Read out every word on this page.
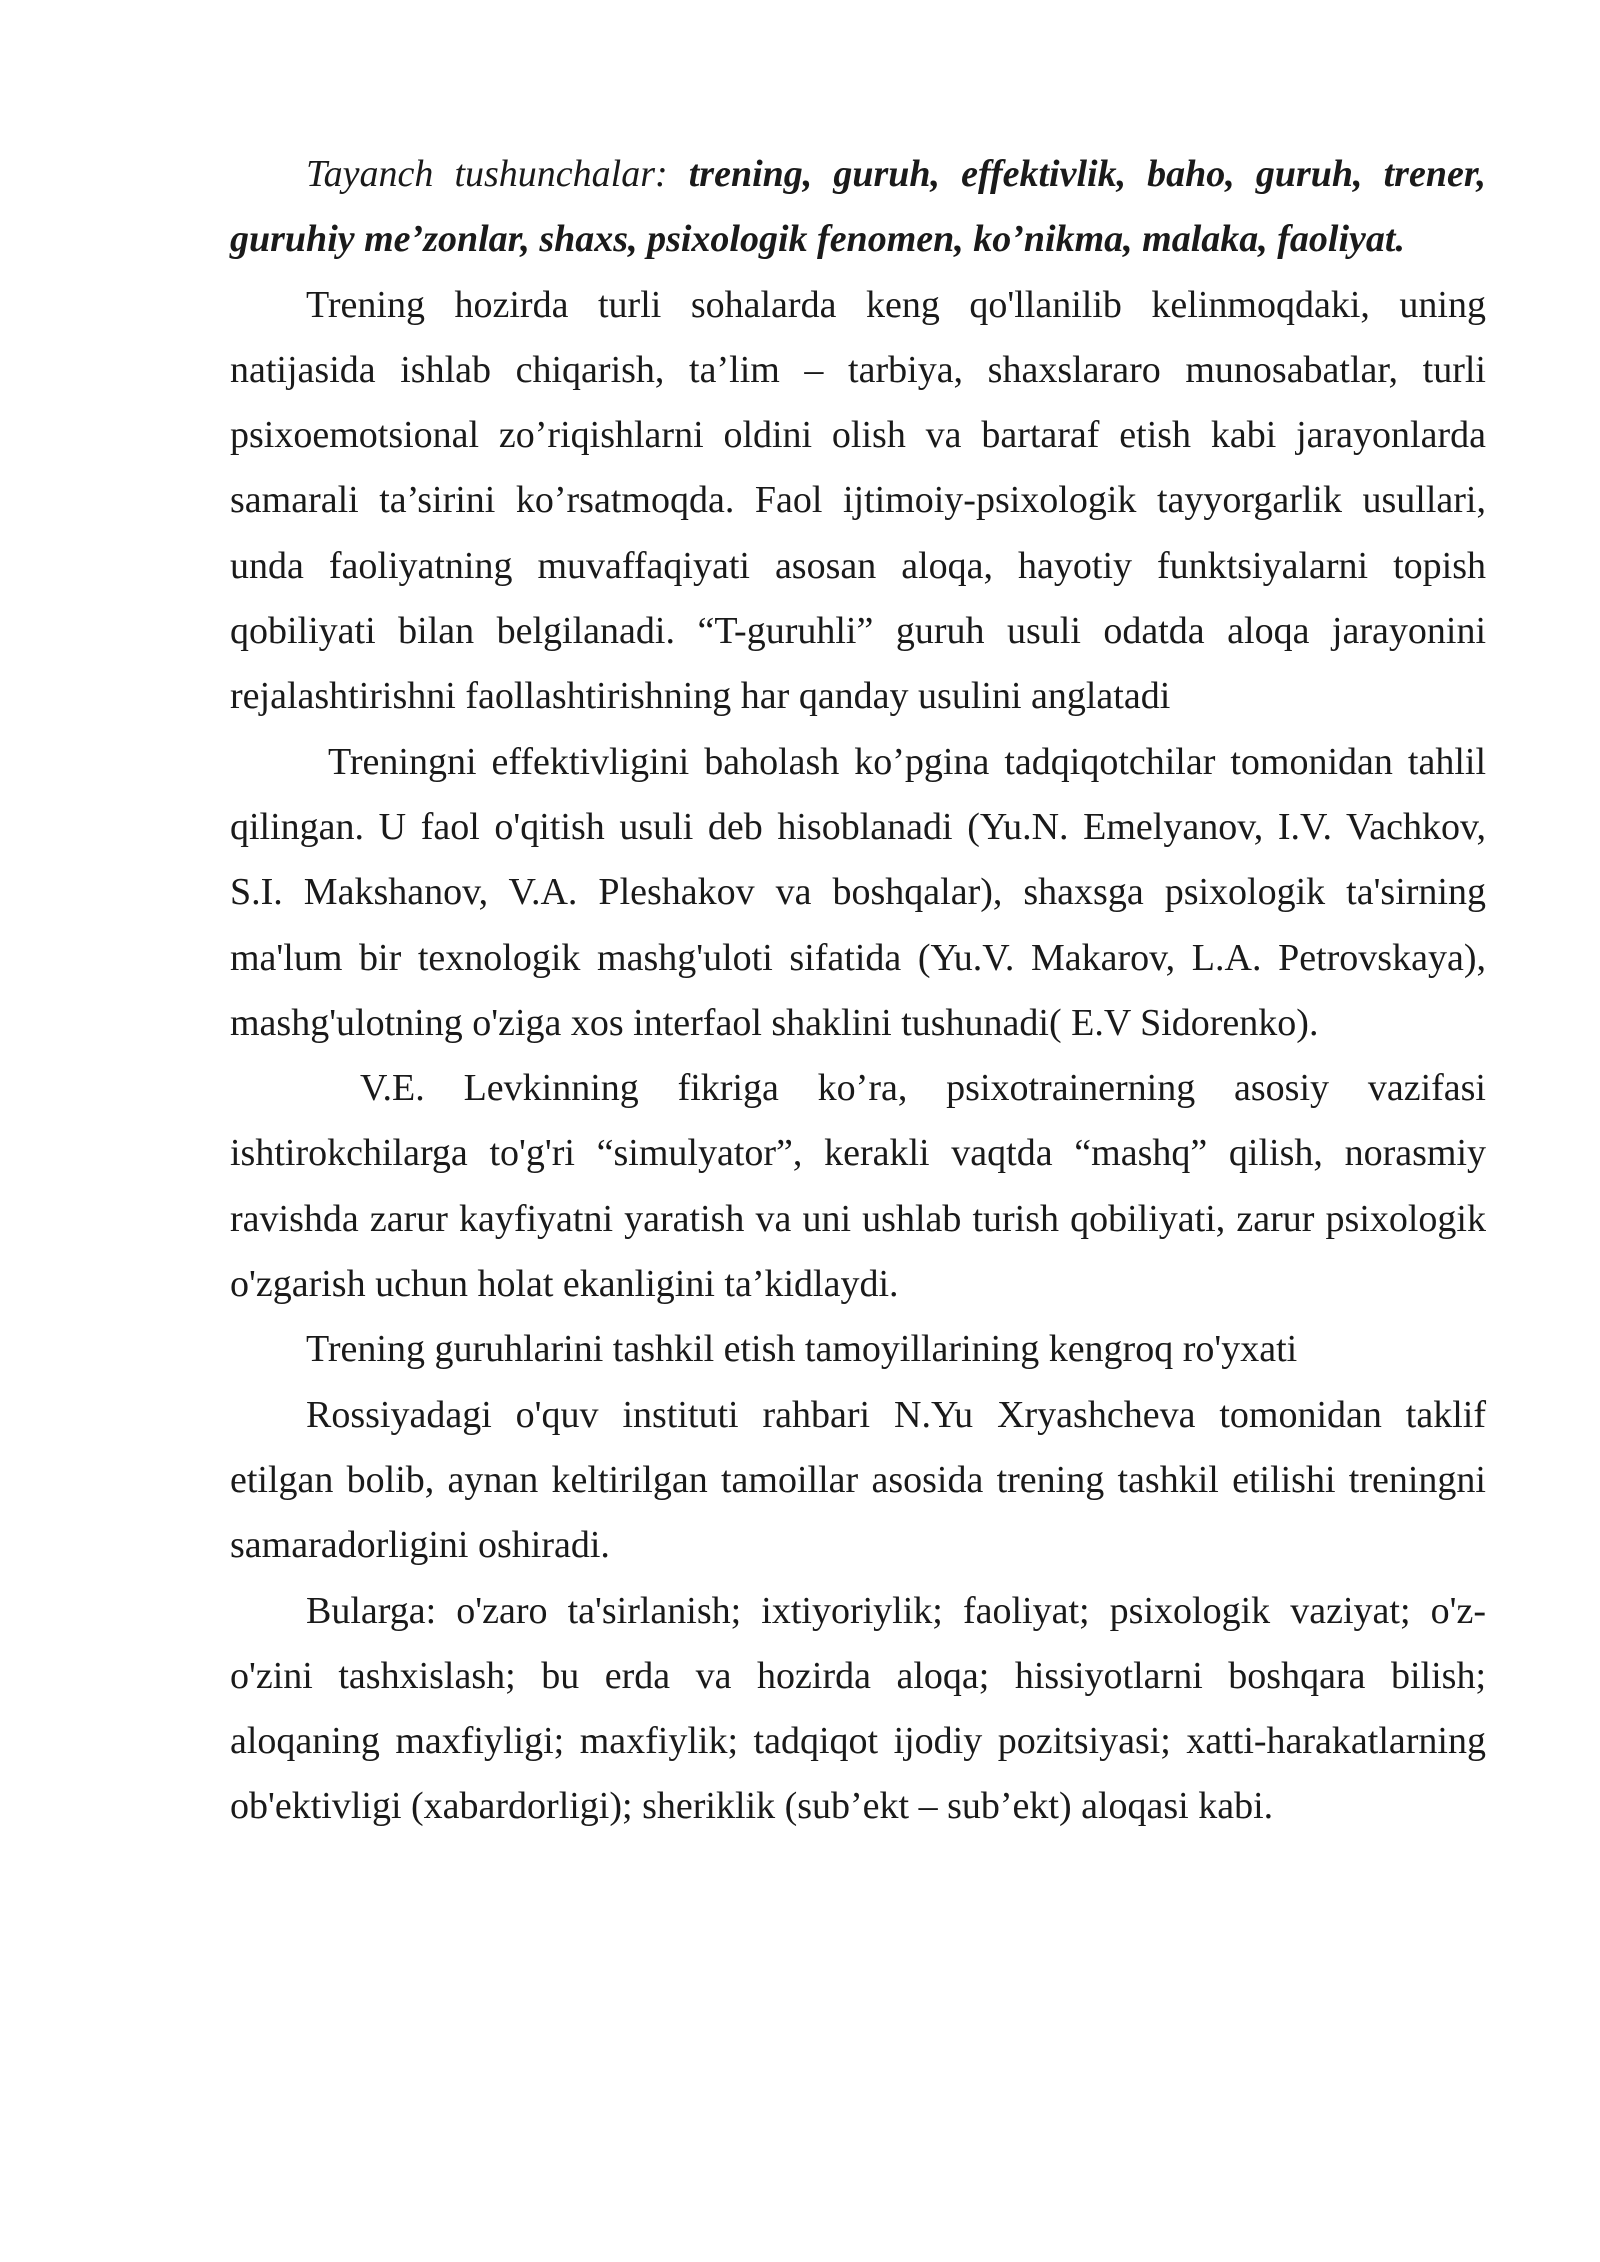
Tayanch tushunchalar: trening, guruh, effektivlik, baho, guruh, trener, guruhiy me’zonlar, shaxs, psixologik fenomen, ko’nikma, malaka, faoliyat.

Trening hozirda turli sohalarda keng qo'llanilib kelinmoqdaki, uning natijasida ishlab chiqarish, ta’lim – tarbiya, shaxslararo munosabatlar, turli psixoemotsional zo’riqishlarni oldini olish va bartaraf etish kabi jarayonlarda samarali ta’sirini ko’rsatmoqda. Faol ijtimoiy-psixologik tayyorgarlik usullari, unda faoliyatning muvaffaqiyati asosan aloqa, hayotiy funktsiyalarni topish qobiliyati bilan belgilanadi. “T-guruhli” guruh usuli odatda aloqa jarayonini rejalashtirishni faollashtirishning har qanday usulini anglatadi

Treningni effektivligini baholash ko’pgina tadqiqotchilar tomonidan tahlil qilingan. U faol o'qitish usuli deb hisoblanadi (Yu.N. Emelyanov, I.V. Vachkov, S.I. Makshanov, V.A. Pleshakov va boshqalar), shaxsga psixologik ta'sirning ma'lum bir texnologik mashg'uloti sifatida (Yu.V. Makarov, L.A. Petrovskaya), mashg'ulotning o'ziga xos interfaol shaklini tushunadi( E.V Sidorenko).

V.E. Levkinning fikriga ko’ra, psixotrainerning asosiy vazifasi ishtirokchilarga to'g'ri “simulyator”, kerakli vaqtda “mashq” qilish, norasmiy ravishda zarur kayfiyatni yaratish va uni ushlab turish qobiliyati, zarur psixologik o'zgarish uchun holat ekanligini ta’kidlaydi.

Trening guruhlarini tashkil etish tamoyillarining kengroq ro'yxati

Rossiyadagi o'quv instituti rahbari N.Yu Xryashcheva tomonidan taklif etilgan bolib, aynan keltirilgan tamoillar asosida trening tashkil etilishi treningni samaradorligini oshiradi.

Bularga: o'zaro ta'sirlanish; ixtiyoriylik; faoliyat; psixologik vaziyat; o'z-o'zini tashxislash; bu erda va hozirda aloqa; hissiyotlarni boshqara bilish; aloqaning maxfiyligi; maxfiylik; tadqiqot ijodiy pozitsiyasi; xatti-harakatlarning ob'ektivligi (xabardorligi); sheriklik (sub’ekt – sub’ekt) aloqasi kabi.
